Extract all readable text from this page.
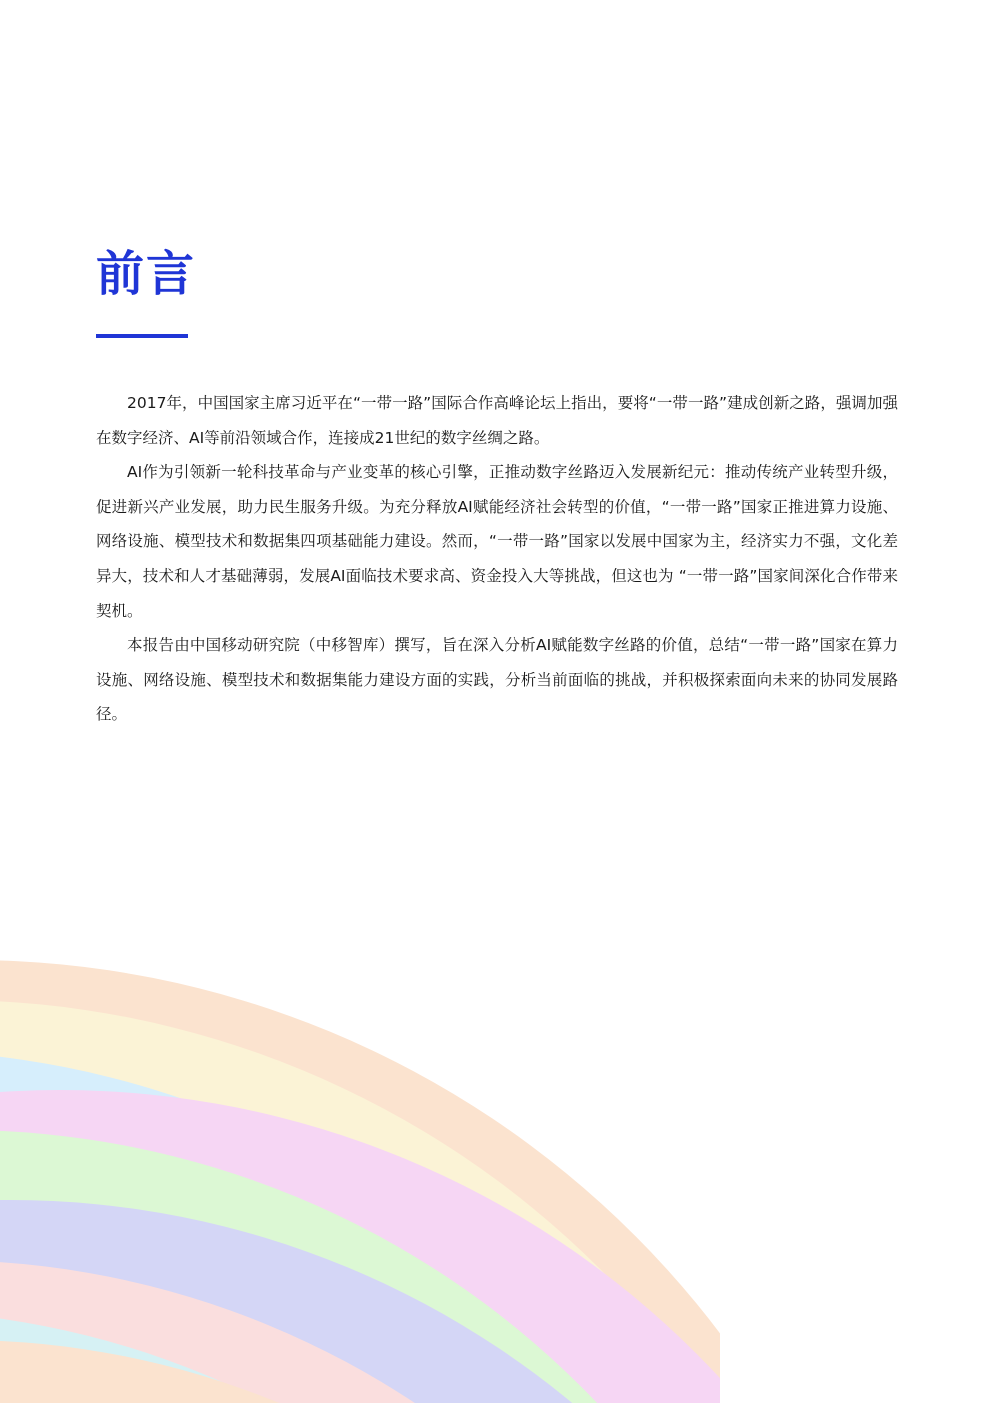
前言

2017年，中国国家主席习近平在“一带一路”国际合作高峰论坛上指出，要将“一带一路”建成创新之路，强调加强在数字经济、AI等前沿领域合作，连接成21世纪的数字丝绸之路。

AI作为引领新一轮科技革命与产业变革的核心引擎，正推动数字丝路迈入发展新纪元：推动传统产业转型升级，促进新兴产业发展，助力民生服务升级。为充分释放AI赋能经济社会转型的价值，“一带一路”国家正推进算力设施、网络设施、模型技术和数据集四项基础能力建设。然而，“一带一路”国家以发展中国家为主，经济实力不强，文化差异大，技术和人才基础薄弱，发展AI面临技术要求高、资金投入大等挑战，但这也为 “一带一路”国家间深化合作带来契机。

本报告由中国移动研究院（中移智库）撰写，旨在深入分析AI赋能数字丝路的价值，总结“一带一路”国家在算力设施、网络设施、模型技术和数据集能力建设方面的实践，分析当前面临的挑战，并积极探索面向未来的协同发展路径。
